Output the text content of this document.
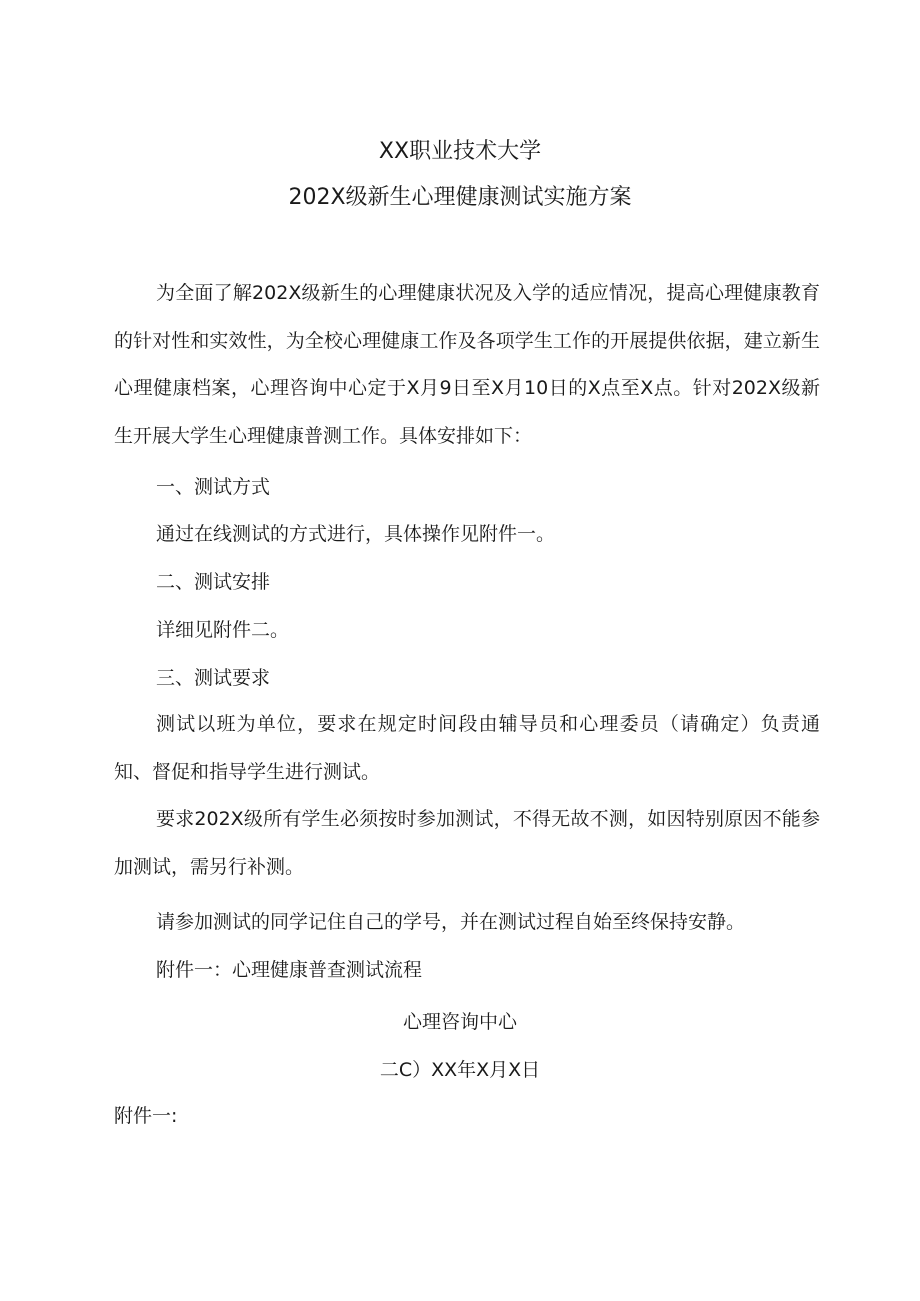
XX职业技术大学
202X级新生心理健康测试实施方案

为全面了解202X级新生的心理健康状况及入学的适应情况，提高心理健康教育的针对性和实效性，为全校心理健康工作及各项学生工作的开展提供依据，建立新生心理健康档案，心理咨询中心定于X月9日至X月10日的X点至X点。针对202X级新生开展大学生心理健康普测工作。具体安排如下：

一、测试方式
通过在线测试的方式进行，具体操作见附件一。
二、测试安排
详细见附件二。
三、测试要求

测试以班为单位，要求在规定时间段由辅导员和心理委员（请确定）负责通知、督促和指导学生进行测试。

要求202X级所有学生必须按时参加测试，不得无故不测，如因特别原因不能参加测试，需另行补测。

请参加测试的同学记住自己的学号，并在测试过程自始至终保持安静。
附件一：心理健康普查测试流程
心理咨询中心
二C）XX年X月X日
附件一:
